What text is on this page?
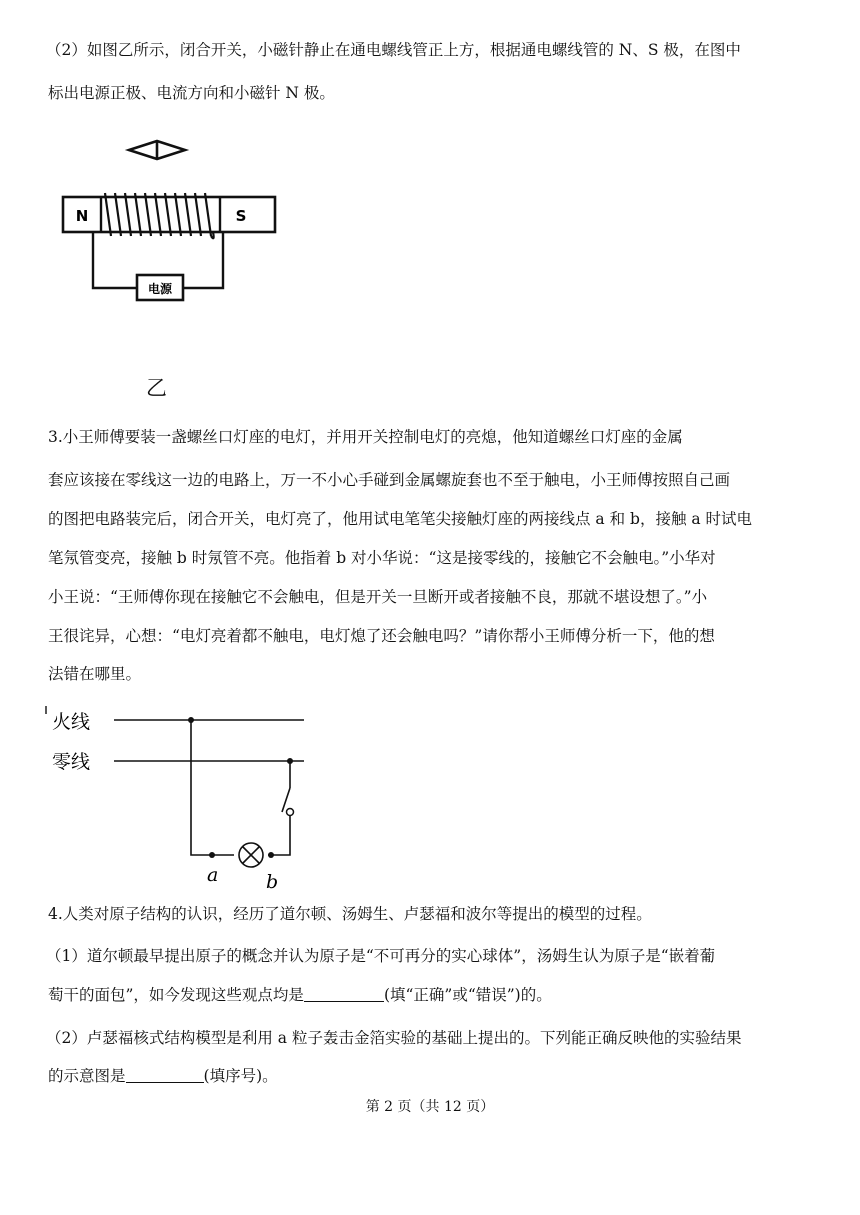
（2）如图乙所示，闭合开关，小磁针静止在通电螺线管正上方，根据通电螺线管的 N、S 极，在图中

标出电源正极、电流方向和小磁针 N 极。

N	S
电源
乙

3.小王师傅要装一盏螺丝口灯座的电灯，并用开关控制电灯的亮熄，他知道螺丝口灯座的金属

套应该接在零线这一边的电路上，万一不小心手碰到金属螺旋套也不至于触电，小王师傅按照自己画

的图把电路装完后，闭合开关，电灯亮了，他用试电笔笔尖接触灯座的两接线点 a 和 b，接触 a 时试电

笔氖管变亮，接触 b 时氖管不亮。他指着 b 对小华说：“这是接零线的，接触它不会触电。”小华对

小王说：“王师傅你现在接触它不会触电，但是开关一旦断开或者接触不良，那就不堪设想了。”小

王很诧异，心想：“电灯亮着都不触电，电灯熄了还会触电吗？”请你帮小王师傅分析一下，他的想

法错在哪里。

火线
零线
a	b

4.人类对原子结构的认识，经历了道尔顿、汤姆生、卢瑟福和波尔等提出的模型的过程。

（1）道尔顿最早提出原子的概念并认为原子是“不可再分的实心球体”，汤姆生认为原子是“嵌着葡

萄干的面包”，如今发现这些观点均是	(填“正确”或“错误”)的。

（2）卢瑟福核式结构模型是利用 a 粒子轰击金箔实验的基础上提出的。下列能正确反映他的实验结果

的示意图是	(填序号)。

第 2 页（共 12 页）
